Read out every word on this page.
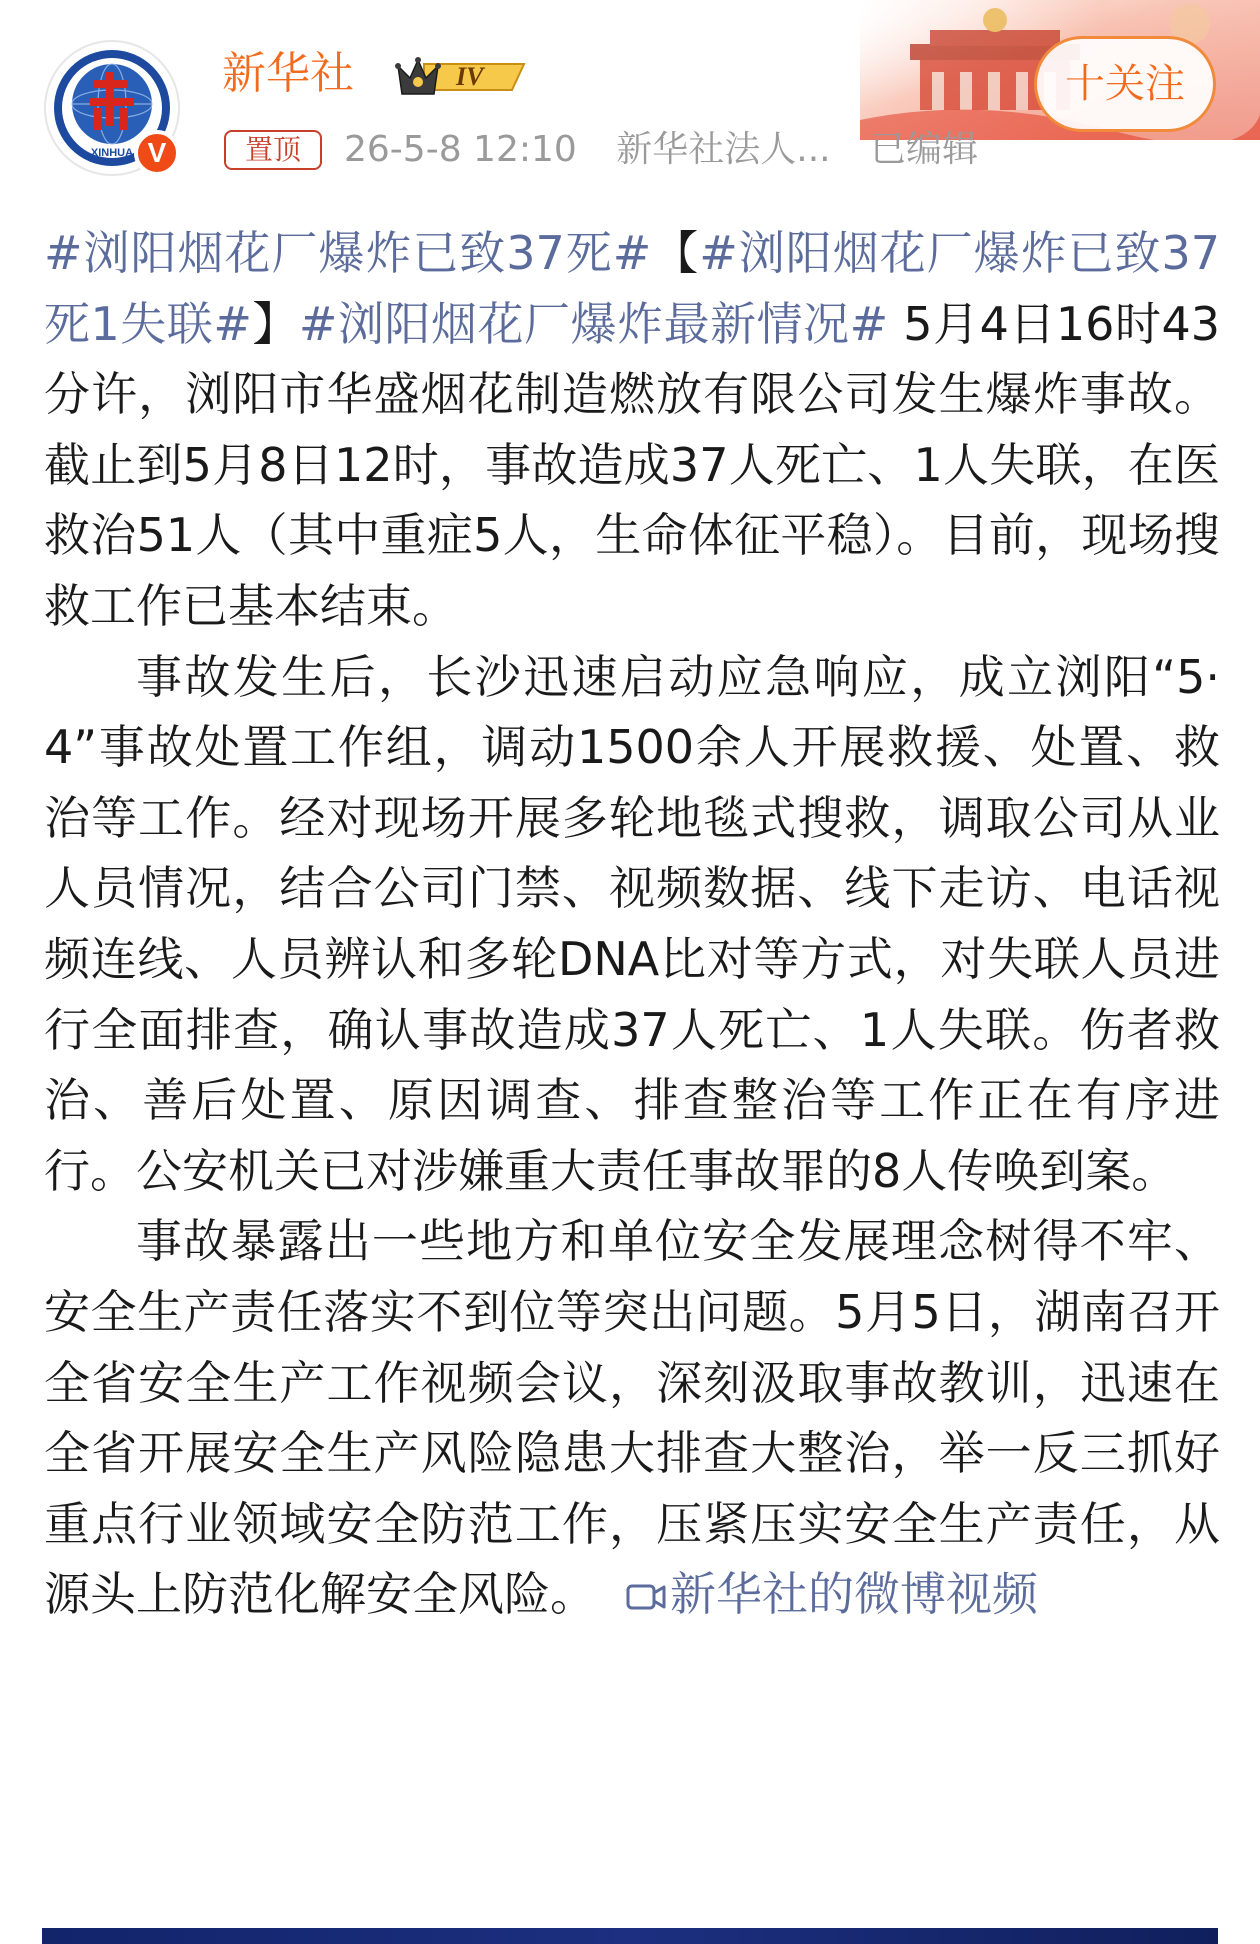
XINHUA V
新华社	IV
置顶	26-5-8 12:10 新华社法人... 已编辑
十关注

#浏阳烟花厂爆炸已致37死#【#浏阳烟花厂爆炸已致37死1失联#】#浏阳烟花厂爆炸最新情况# 5月4日16时43分许，浏阳市华盛烟花制造燃放有限公司发生爆炸事故。截止到5月8日12时，事故造成37人死亡、1人失联，在医救治51人（其中重症5人，生命体征平稳）。目前，现场搜救工作已基本结束。

事故发生后，长沙迅速启动应急响应，成立浏阳“5·4”事故处置工作组，调动1500余人开展救援、处置、救治等工作。经对现场开展多轮地毯式搜救，调取公司从业人员情况，结合公司门禁、视频数据、线下走访、电话视频连线、人员辨认和多轮DNA比对等方式，对失联人员进行全面排查，确认事故造成37人死亡、1人失联。伤者救治、善后处置、原因调查、排查整治等工作正在有序进行。公安机关已对涉嫌重大责任事故罪的8人传唤到案。

事故暴露出一些地方和单位安全发展理念树得不牢、安全生产责任落实不到位等突出问题。5月5日，湖南召开全省安全生产工作视频会议，深刻汲取事故教训，迅速在全省开展安全生产风险隐患大排查大整治，举一反三抓好重点行业领域安全防范工作，压紧压实安全生产责任，从源头上防范化解安全风险。 新华社的微博视频
